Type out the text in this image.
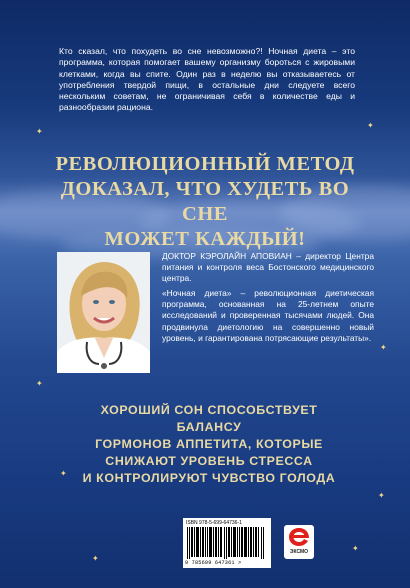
✦
✦
✦
✦
✦
✦
✦
✦

Кто сказал, что похудеть во сне невозможно?! Ночная диета – это программа, которая помогает вашему организму бороться с жировыми клетками, когда вы спите. Один раз в неделю вы отказываетесь от употребления твердой пищи, в остальные дни следуете всего нескольким советам, не ограничивая себя в количестве еды и разнообразии рациона.

РЕВОЛЮЦИОННЫЙ МЕТОД
ДОКАЗАЛ, ЧТО ХУДЕТЬ ВО СНЕ
МОЖЕТ КАЖДЫЙ!

ДОКТОР КЭРОЛАЙН АПОВИАН – директор Центра питания и контроля веса Бостонского медицинского центра.

«Ночная диета» – революционная диетическая программа, основанная на 25-летнем опыте исследований и проверенная тысячами людей. Она продвинула диетологию на совершенно новый уровень, и гарантирована потрясающие результаты».

ХОРОШИЙ СОН СПОСОБСТВУЕТ БАЛАНСУ
ГОРМОНОВ АППЕТИТА, КОТОРЫЕ
СНИЖАЮТ УРОВЕНЬ СТРЕССА
И КОНТРОЛИРУЮТ ЧУВСТВО ГОЛОДА
ISBN 978-5-699-64736-1
9 785699 647361 >
ЭКСМО
